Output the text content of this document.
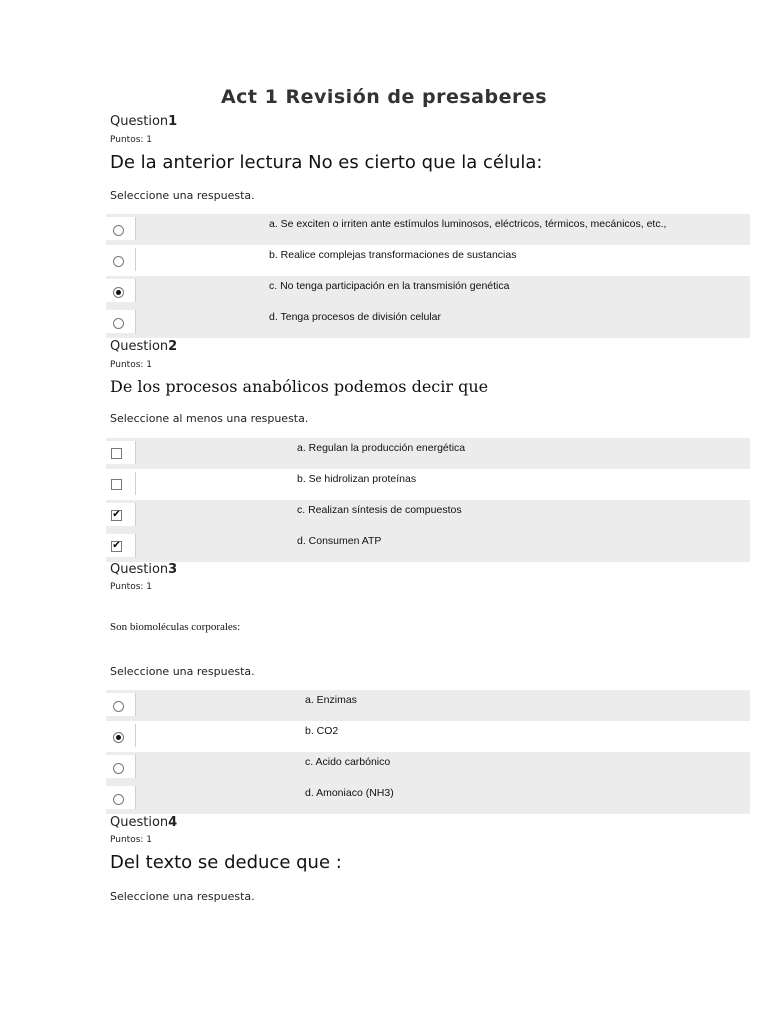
Act 1 Revisión de presaberes
Question1
Puntos: 1
De la anterior lectura No es cierto que la célula:
Seleccione una respuesta.
a. Se exciten o irriten ante estímulos luminosos, eléctricos, térmicos, mecánicos, etc.,
b. Realice complejas transformaciones de sustancias
c. No tenga participación en la transmisión genética
d. Tenga procesos de división celular
Question2
Puntos: 1
De los procesos anabólicos podemos decir que
Seleccione al menos una respuesta.
a. Regulan la producción energética
b. Se hidrolizan proteínas
✔	c. Realizan síntesis de compuestos
✔	d. Consumen ATP
Question3
Puntos: 1
Son biomoléculas corporales:
Seleccione una respuesta.
a. Enzimas
b. CO2
c. Acido carbónico
d. Amoniaco (NH3)
Question4
Puntos: 1
Del texto se deduce que :
Seleccione una respuesta.
